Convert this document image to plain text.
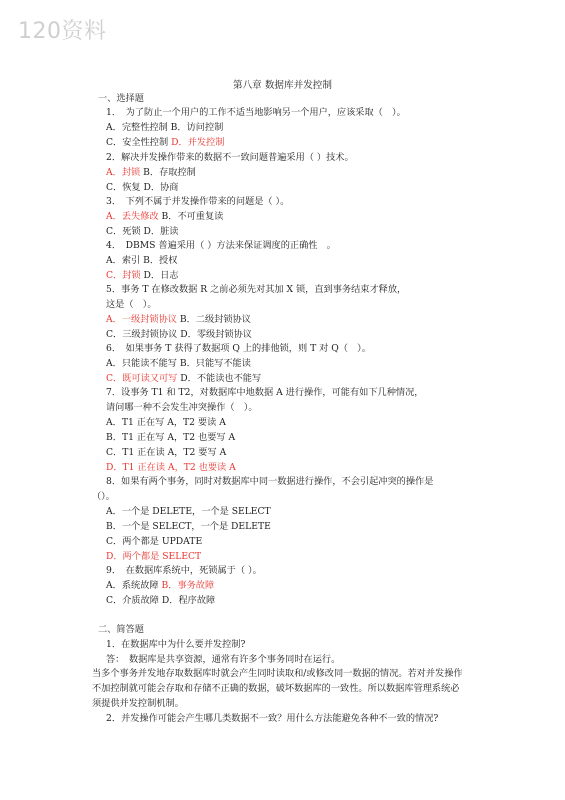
120资料
第八章 数据库并发控制
一、选择题
1．　为了防止一个用户的工作不适当地影响另一个用户，应该采取（　）。
A．完整性控制 B．访问控制
C．安全性控制 D．并发控制
2．解决并发操作带来的数据不一致问题普遍采用（ ）技术。
A．封锁 B．存取控制
C．恢复 D．协商
3．　下列不属于并发操作带来的问题是（ ）。
A．丢失修改 B．不可重复读
C．死锁 D．脏读
4．　DBMS 普遍采用（ ）方法来保证调度的正确性　。
A．索引 B．授权
C．封锁 D．日志
5．事务 T 在修改数据 R 之前必须先对其加 X 锁，直到事务结束才释放，
这是（　）。
A．一级封锁协议 B．二级封锁协议
C．三级封锁协议 D．零级封锁协议
6．　如果事务 T 获得了数据项 Q 上的排他锁，则 T 对 Q（　）。
A．只能读不能写 B．只能写不能读
C．既可读又可写 D．不能读也不能写
7．设事务 T1 和 T2，对数据库中地数据 A 进行操作，可能有如下几种情况，
请问哪一种不会发生冲突操作（　）。
A．T1 正在写 A，T2 要读 A
B．T1 正在写 A，T2 也要写 A
C．T1 正在读 A，T2 要写 A
D．T1 正在读 A，T2 也要读 A
8．如果有两个事务，同时对数据库中同一数据进行操作，不会引起冲突的操作是
（）。
A．一个是 DELETE，一个是 SELECT
B．一个是 SELECT，一个是 DELETE
C．两个都是 UPDATE
D．两个都是 SELECT
9．　在数据库系统中，死锁属于（ ）。
A．系统故障 B．事务故障
C．介质故障 D．程序故障
二、简答题
1．在数据库中为什么要并发控制?
答：　数据库是共享资源，通常有许多个事务同时在运行。
当多个事务并发地存取数据库时就会产生同时读取和/或修改同一数据的情况。若对并发操作不加控制就可能会存取和存储不正确的数据，破坏数据库的一致性。所以数据库管理系统必须提供并发控制机制。
2．并发操作可能会产生哪几类数据不一致？用什么方法能避免各种不一致的情况?
